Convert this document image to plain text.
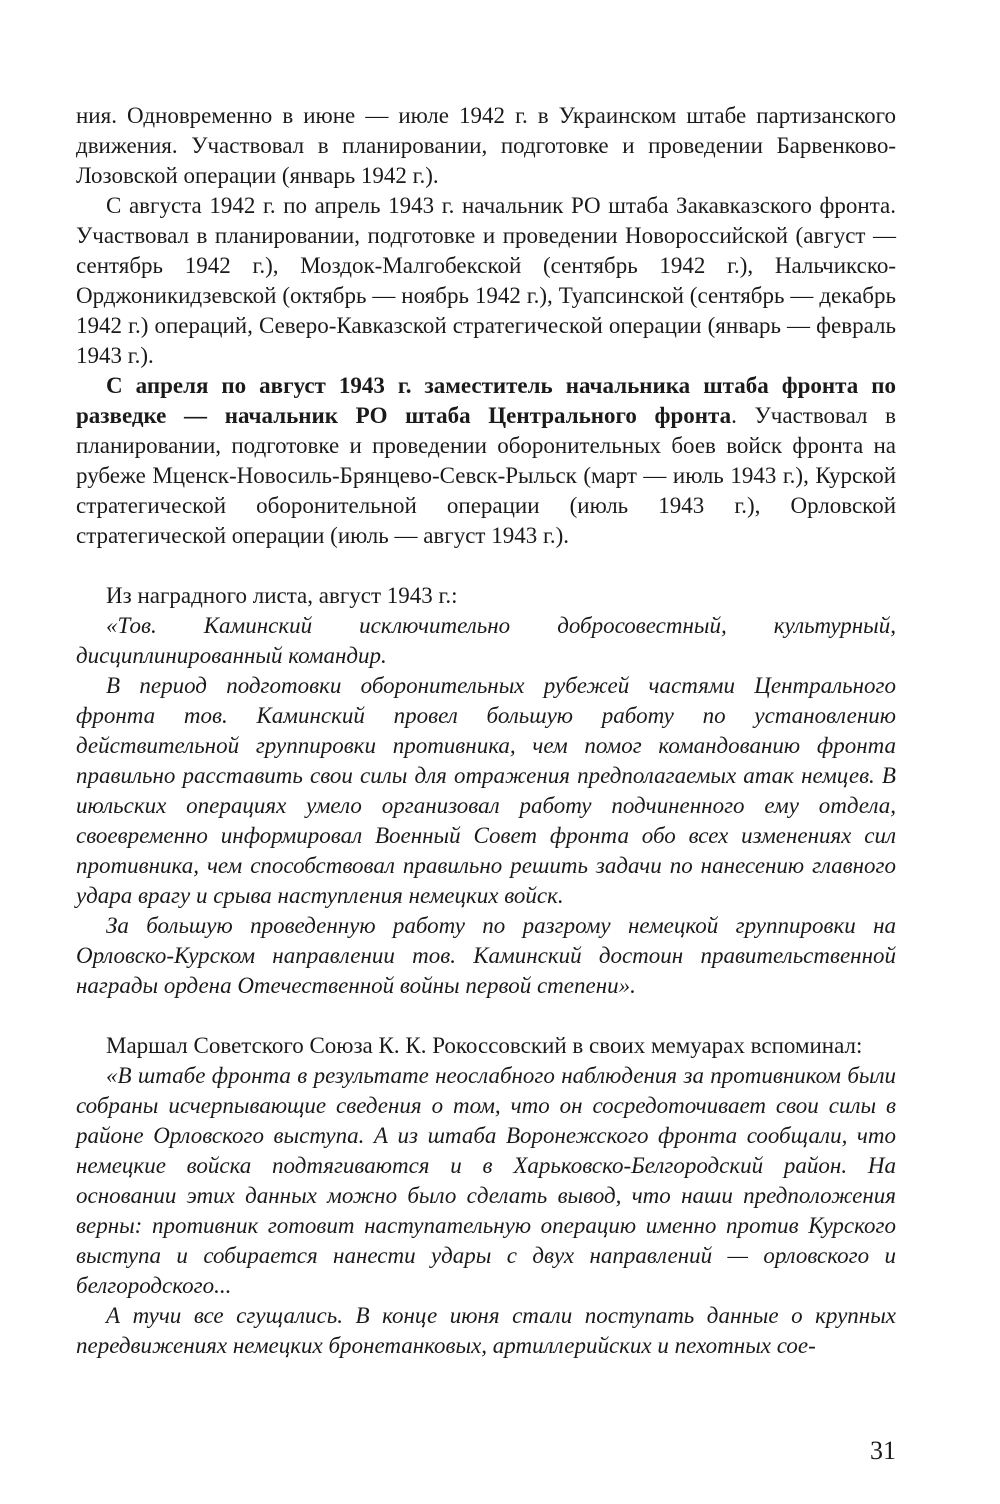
ния. Одновременно в июне — июле 1942 г. в Украинском штабе партизанского движения. Участвовал в планировании, подготовке и проведении Барвенково-Лозовской операции (январь 1942 г.).

С августа 1942 г. по апрель 1943 г. начальник РО штаба Закавказского фронта. Участвовал в планировании, подготовке и проведении Новороссийской (август — сентябрь 1942 г.), Моздок-Малгобекской (сентябрь 1942 г.), Нальчикско-Орджоникидзевской (октябрь — ноябрь 1942 г.), Туапсинской (сентябрь — декабрь 1942 г.) операций, Северо-Кавказской стратегической операции (январь — февраль 1943 г.).

С апреля по август 1943 г. заместитель начальника штаба фронта по разведке — начальник РО штаба Центрального фронта. Участвовал в планировании, подготовке и проведении оборонительных боев войск фронта на рубеже Мценск-Новосиль-Брянцево-Севск-Рыльск (март — июль 1943 г.), Курской стратегической оборонительной операции (июль 1943 г.), Орловской стратегической операции (июль — август 1943 г.).

Из наградного листа, август 1943 г.:

«Тов. Каминский исключительно добросовестный, культурный, дисциплинированный командир.

В период подготовки оборонительных рубежей частями Центрального фронта тов. Каминский провел большую работу по установлению действительной группировки противника, чем помог командованию фронта правильно расставить свои силы для отражения предполагаемых атак немцев. В июльских операциях умело организовал работу подчиненного ему отдела, своевременно информировал Военный Совет фронта обо всех изменениях сил противника, чем способствовал правильно решить задачи по нанесению главного удара врагу и срыва наступления немецких войск.

За большую проведенную работу по разгрому немецкой группировки на Орловско-Курском направлении тов. Каминский достоин правительственной награды ордена Отечественной войны первой степени».

Маршал Советского Союза К. К. Рокоссовский в своих мемуарах вспоминал:

«В штабе фронта в результате неослабного наблюдения за противником были собраны исчерпывающие сведения о том, что он сосредоточивает свои силы в районе Орловского выступа. А из штаба Воронежского фронта сообщали, что немецкие войска подтягиваются и в Харьковско-Белгородский район. На основании этих данных можно было сделать вывод, что наши предположения верны: противник готовит наступательную операцию именно против Курского выступа и собирается нанести удары с двух направлений — орловского и белгородского...

А тучи все сгущались. В конце июня стали поступать данные о крупных передвижениях немецких бронетанковых, артиллерийских и пехотных сое-

31
